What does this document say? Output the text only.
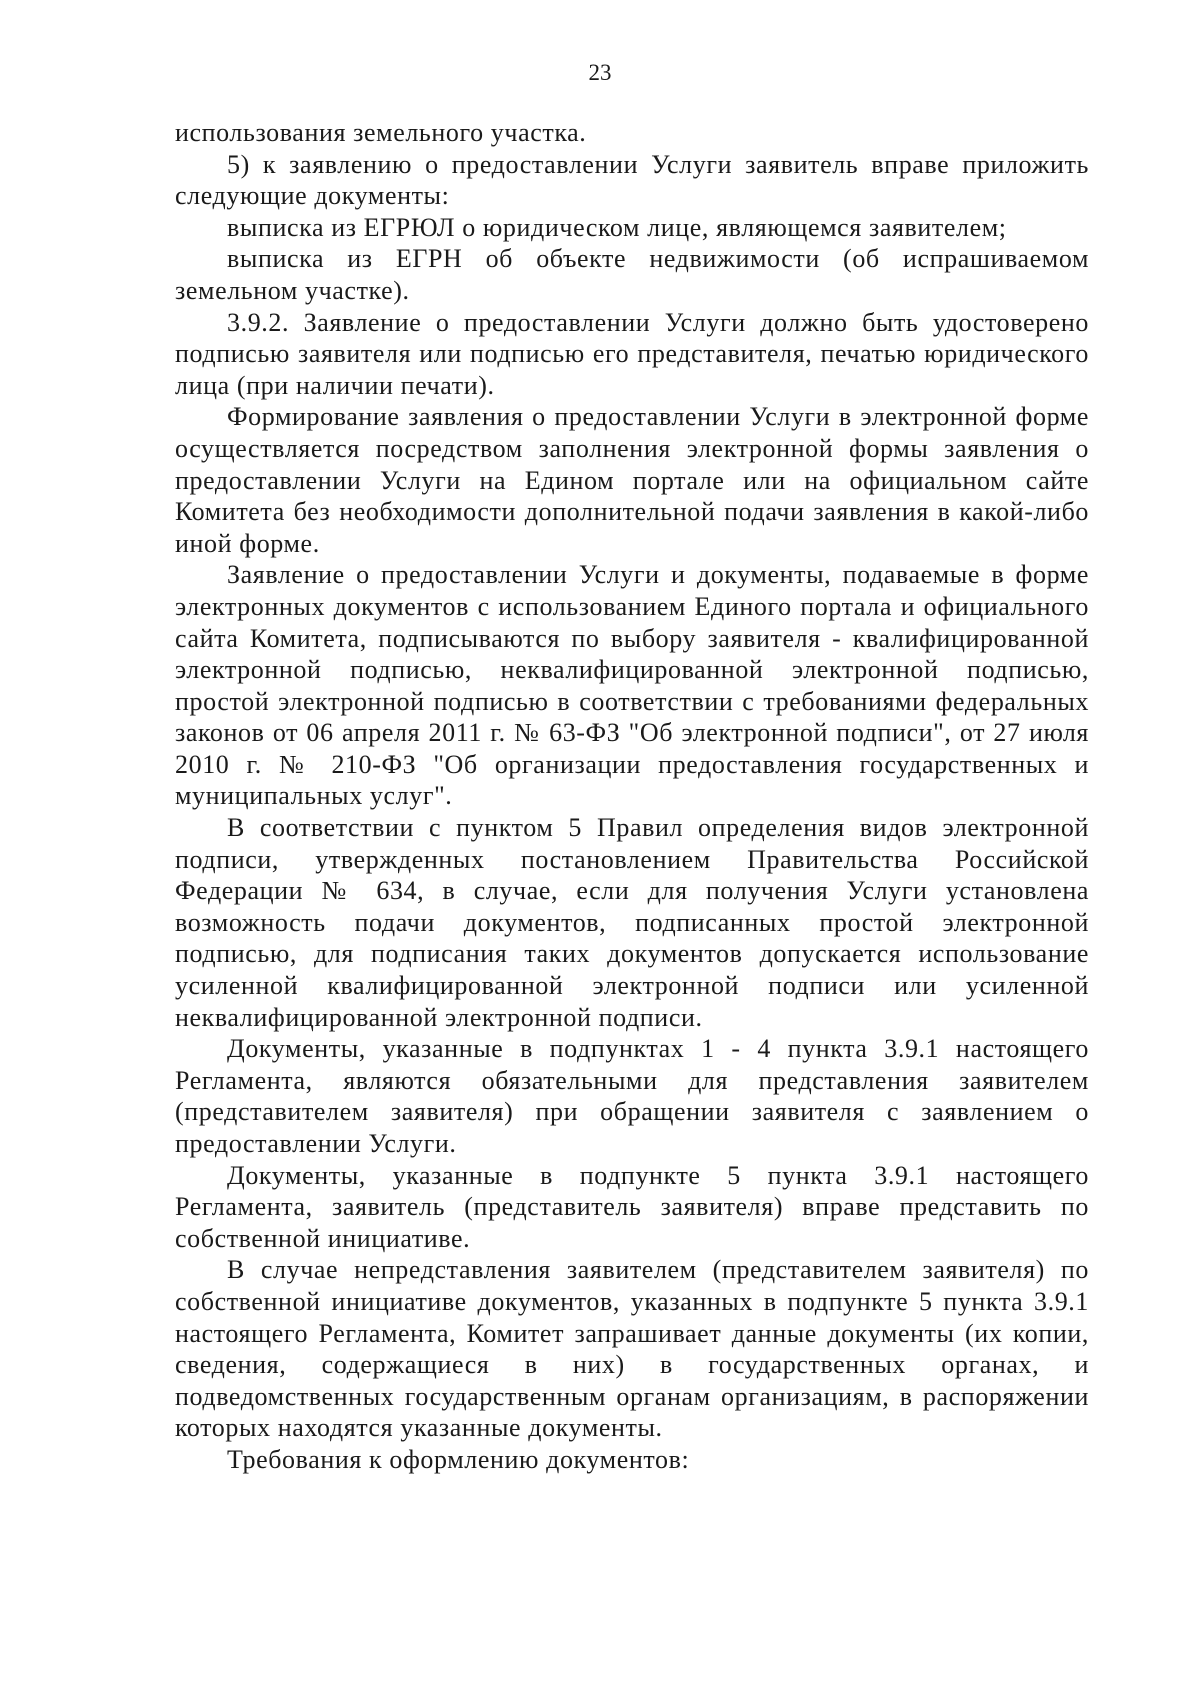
23

использования земельного участка.

5) к заявлению о предоставлении Услуги заявитель вправе приложить следующие документы:

выписка из ЕГРЮЛ о юридическом лице, являющемся заявителем;

выписка из ЕГРН об объекте недвижимости (об испрашиваемом земельном участке).

3.9.2. Заявление о предоставлении Услуги должно быть удостоверено подписью заявителя или подписью его представителя, печатью юридического лица (при наличии печати).

Формирование заявления о предоставлении Услуги в электронной форме осуществляется посредством заполнения электронной формы заявления о предоставлении Услуги на Едином портале или на официальном сайте Комитета без необходимости дополнительной подачи заявления в какой-либо иной форме.

Заявление о предоставлении Услуги и документы, подаваемые в форме электронных документов с использованием Единого портала и официального сайта Комитета, подписываются по выбору заявителя - квалифицированной электронной подписью, неквалифицированной электронной подписью, простой электронной подписью в соответствии с требованиями федеральных законов от 06 апреля 2011 г. № 63-ФЗ "Об электронной подписи", от 27 июля 2010 г. № 210-ФЗ "Об организации предоставления государственных и муниципальных услуг".

В соответствии с пунктом 5 Правил определения видов электронной подписи, утвержденных постановлением Правительства Российской Федерации № 634, в случае, если для получения Услуги установлена возможность подачи документов, подписанных простой электронной подписью, для подписания таких документов допускается использование усиленной квалифицированной электронной подписи или усиленной неквалифицированной электронной подписи.

Документы, указанные в подпунктах 1 - 4 пункта 3.9.1 настоящего Регламента, являются обязательными для представления заявителем (представителем заявителя) при обращении заявителя с заявлением о предоставлении Услуги.

Документы, указанные в подпункте 5 пункта 3.9.1 настоящего Регламента, заявитель (представитель заявителя) вправе представить по собственной инициативе.

В случае непредставления заявителем (представителем заявителя) по собственной инициативе документов, указанных в подпункте 5 пункта 3.9.1 настоящего Регламента, Комитет запрашивает данные документы (их копии, сведения, содержащиеся в них) в государственных органах, и подведомственных государственным органам организациям, в распоряжении которых находятся указанные документы.

Требования к оформлению документов:
